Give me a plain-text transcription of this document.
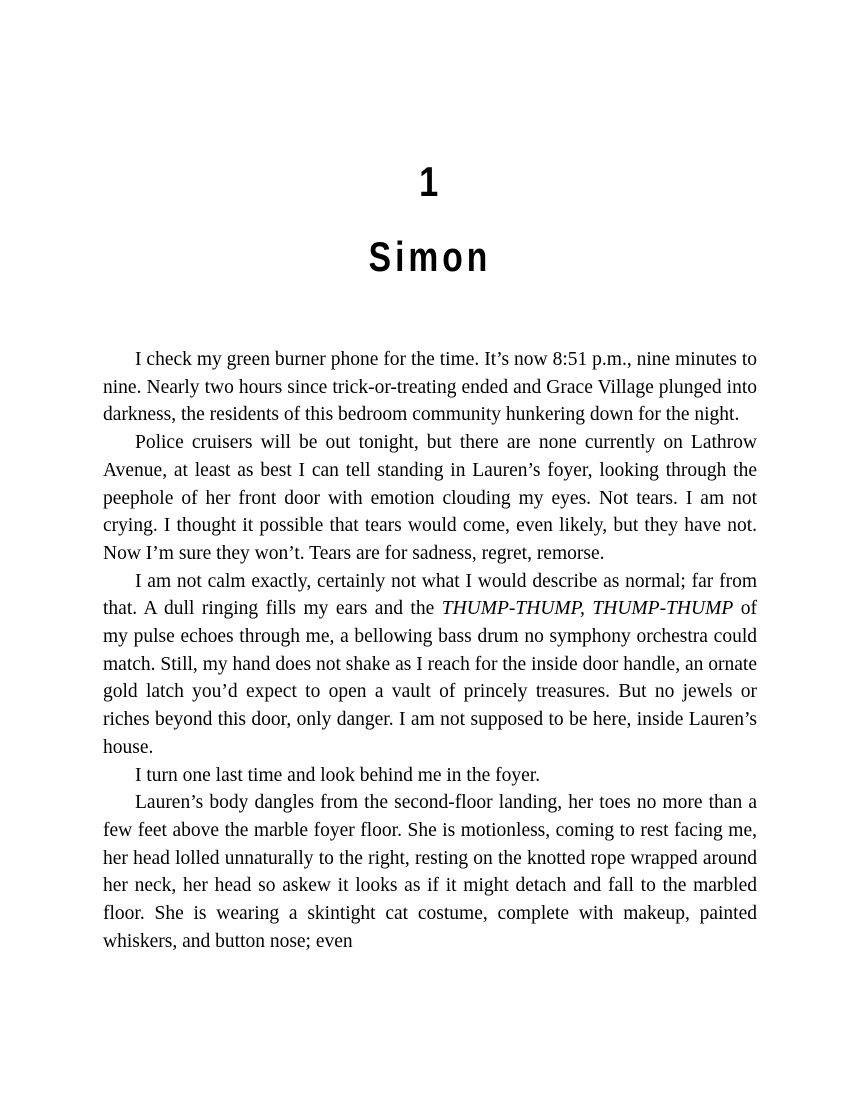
1
Simon

I check my green burner phone for the time. It’s now 8:51 p.m., nine minutes to nine. Nearly two hours since trick-or-treating ended and Grace Village plunged into darkness, the residents of this bedroom community hunkering down for the night.

Police cruisers will be out tonight, but there are none currently on Lathrow Avenue, at least as best I can tell standing in Lauren’s foyer, looking through the peephole of her front door with emotion clouding my eyes. Not tears. I am not crying. I thought it possible that tears would come, even likely, but they have not. Now I’m sure they won’t. Tears are for sadness, regret, remorse.

I am not calm exactly, certainly not what I would describe as normal; far from that. A dull ringing fills my ears and the THUMP-THUMP, THUMP-THUMP of my pulse echoes through me, a bellowing bass drum no symphony orchestra could match. Still, my hand does not shake as I reach for the inside door handle, an ornate gold latch you’d expect to open a vault of princely treasures. But no jewels or riches beyond this door, only danger. I am not supposed to be here, inside Lauren’s house.

I turn one last time and look behind me in the foyer.

Lauren’s body dangles from the second-floor landing, her toes no more than a few feet above the marble foyer floor. She is motionless, coming to rest facing me, her head lolled unnaturally to the right, resting on the knotted rope wrapped around her neck, her head so askew it looks as if it might detach and fall to the marbled floor. She is wearing a skintight cat costume, complete with makeup, painted whiskers, and button nose; even
